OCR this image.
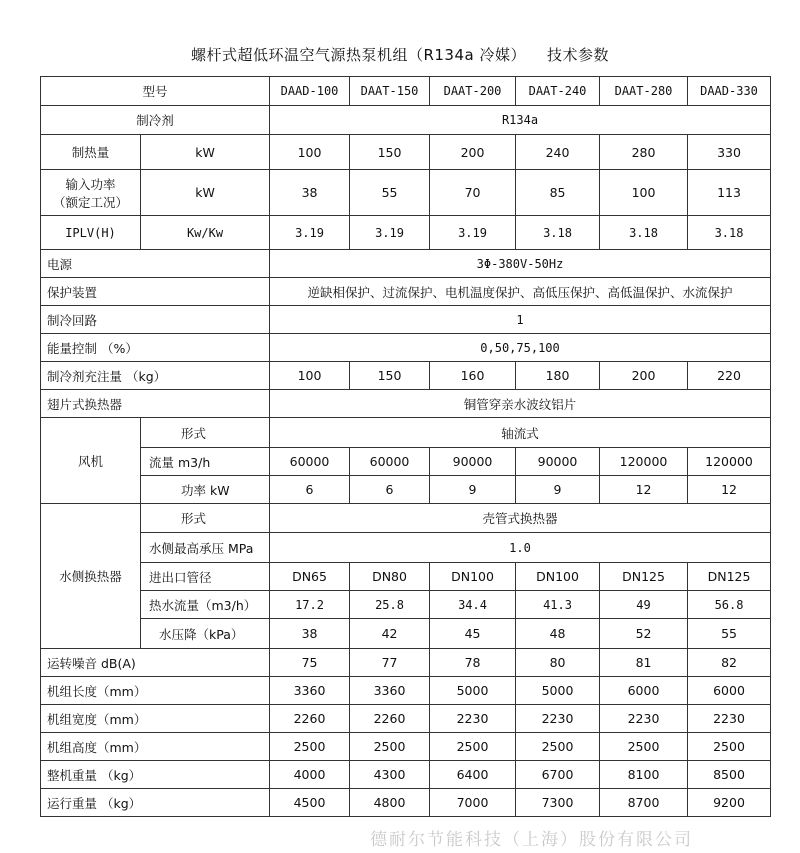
螺杆式超低环温空气源热泵机组（R134a 冷媒）    技术参数
型号		DAAD-100	DAAT-150	DAAT-200	DAAT-240	DAAT-280	DAAD-330
制冷剂		R134a					
制热量	kW	100	150	200	240	280	330

输入功率
（额定工况）	kW	38	55	70	85	100	113
IPLV(H)	Kw/Kw	3.19	3.19	3.19	3.18	3.18	3.18
电源		3Φ-380V-50Hz					
保护装置		逆缺相保护、过流保护、电机温度保护、高低压保护、高低温保护、水流保护					
制冷回路		1					
能量控制 （%）		0,50,75,100					
制冷剂充注量 （kg）		100	150	160	180	200	220
翅片式换热器		铜管穿亲水波纹铝片					
风机	形式	轴流式					
	流量 m3/h	60000	60000	90000	90000	120000	120000
	功率 kW	6	6	9	9	12	12
水侧换热器	形式	壳管式换热器					
	水侧最高承压 MPa	1.0					
	进出口管径	DN65	DN80	DN100	DN100	DN125	DN125
	热水流量（m3/h）	17.2	25.8	34.4	41.3	49	56.8
	水压降（kPa）	38	42	45	48	52	55
运转噪音 dB(A)		75	77	78	80	81	82
机组长度（mm）		3360	3360	5000	5000	6000	6000
机组宽度（mm）		2260	2260	2230	2230	2230	2230
机组高度（mm）		2500	2500	2500	2500	2500	2500
整机重量 （kg）		4000	4300	6400	6700	8100	8500
运行重量 （kg）		4500	4800	7000	7300	8700	9200
德耐尔节能科技（上海）股份有限公司
